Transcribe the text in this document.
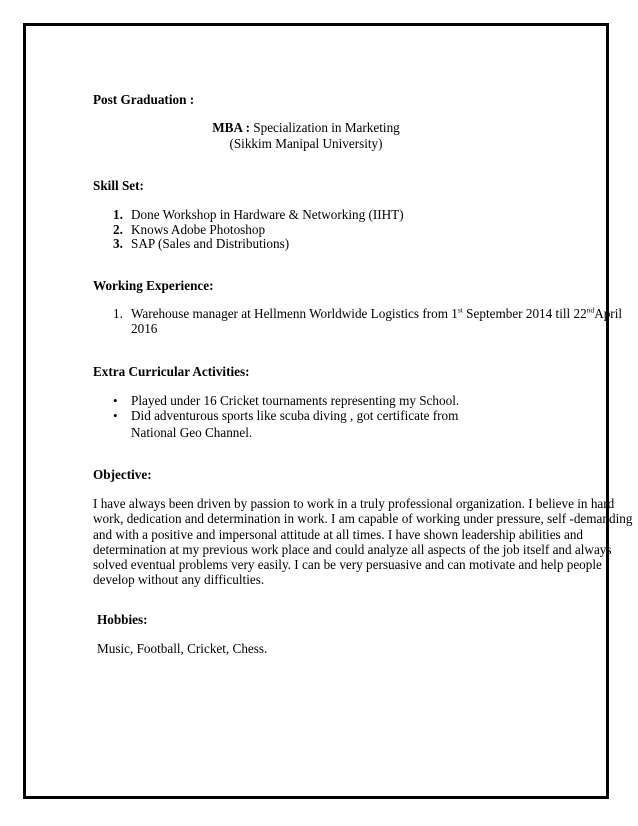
Post Graduation :
MBA : Specialization in Marketing
(Sikkim Manipal University)
Skill Set:
1. Done Workshop in Hardware & Networking (IIHT)
2. Knows Adobe Photoshop
3. SAP (Sales and Distributions)
Working Experience:
1. Warehouse manager at Hellmenn Worldwide Logistics from 1st September 2014 till 22nd April
2016
Extra Curricular Activities:
• Played under 16 Cricket tournaments representing my School.
• Did adventurous sports like scuba diving , got certificate from
National Geo Channel.
Objective:
I have always been driven by passion to work in a truly professional organization. I believe in hard
work, dedication and determination in work. I am capable of working under pressure, self -demanding
and with a positive and impersonal attitude at all times. I have shown leadership abilities and
determination at my previous work place and could analyze all aspects of the job itself and always
solved eventual problems very easily. I can be very persuasive and can motivate and help people
develop without any difficulties.
Hobbies:
Music, Football, Cricket, Chess.
